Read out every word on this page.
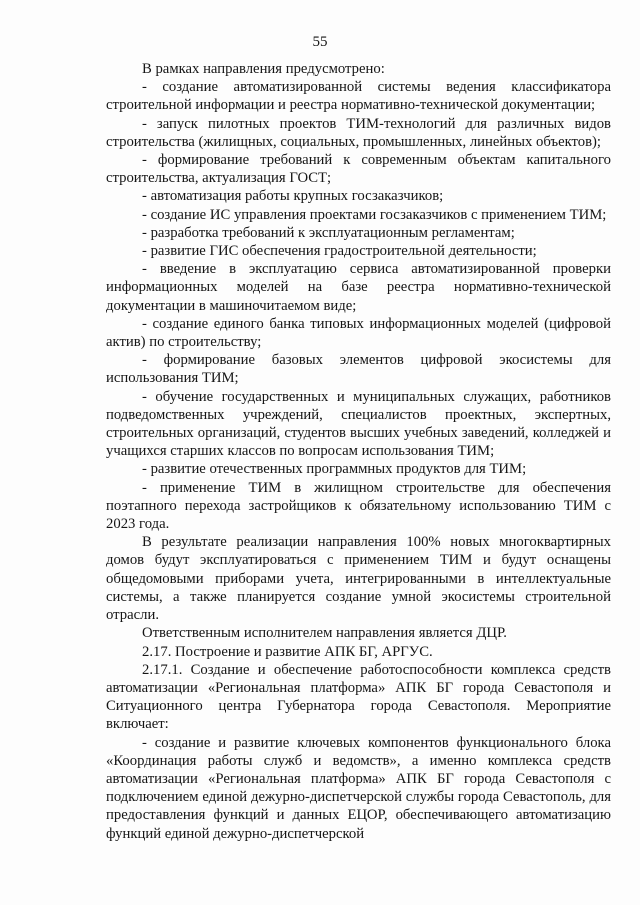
55

В рамках направления предусмотрено:

- создание автоматизированной системы ведения классификатора строительной информации и реестра нормативно-технической документации;

- запуск пилотных проектов ТИМ-технологий для различных видов строительства (жилищных, социальных, промышленных, линейных объектов);

- формирование требований к современным объектам капитального строительства, актуализация ГОСТ;

- автоматизация работы крупных госзаказчиков;

- создание ИС управления проектами госзаказчиков с применением ТИМ;

- разработка требований к эксплуатационным регламентам;

- развитие ГИС обеспечения градостроительной деятельности;

- введение в эксплуатацию сервиса автоматизированной проверки информационных моделей на базе реестра нормативно-технической документации в машиночитаемом виде;

- создание единого банка типовых информационных моделей (цифровой актив) по строительству;

- формирование базовых элементов цифровой экосистемы для использования ТИМ;

- обучение государственных и муниципальных служащих, работников подведомственных учреждений, специалистов проектных, экспертных, строительных организаций, студентов высших учебных заведений, колледжей и учащихся старших классов по вопросам использования ТИМ;

- развитие отечественных программных продуктов для ТИМ;

- применение ТИМ в жилищном строительстве для обеспечения поэтапного перехода застройщиков к обязательному использованию ТИМ с 2023 года.

В результате реализации направления 100% новых многоквартирных домов будут эксплуатироваться с применением ТИМ и будут оснащены общедомовыми приборами учета, интегрированными в интеллектуальные системы, а также планируется создание умной экосистемы строительной отрасли.

Ответственным исполнителем направления является ДЦР.

2.17. Построение и развитие АПК БГ, АРГУС.

2.17.1. Создание и обеспечение работоспособности комплекса средств автоматизации «Региональная платформа» АПК БГ города Севастополя и Ситуационного центра Губернатора города Севастополя. Мероприятие включает:

- создание и развитие ключевых компонентов функционального блока «Координация работы служб и ведомств», а именно комплекса средств автоматизации «Региональная платформа» АПК БГ города Севастополя с подключением единой дежурно-диспетчерской службы города Севастополь, для предоставления функций и данных ЕЦОР, обеспечивающего автоматизацию функций единой дежурно-диспетчерской
